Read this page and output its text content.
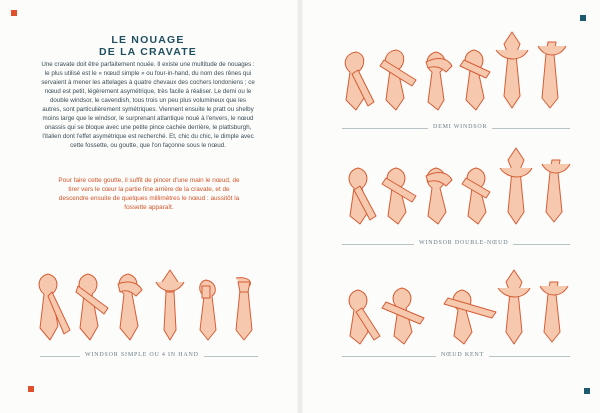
LE NOUAGE
DE LA CRAVATE

Une cravate doit être parfaitement nouée. Il existe une multitude de nouages : le plus utilisé est le « nœud simple » ou four-in-hand, du nom des rênes qui servaient à mener les attelages à quatre chevaux des cochers londoniens ; ce nœud est petit, légèrement asymétrique, très facile à réaliser. Le demi ou le double windsor, le cavendish, tous trois un peu plus volumineux que les autres, sont particulièrement symétriques. Viennent ensuite le pratt ou shelby moins large que le windsor, le surprenant atlantique noué à l'envers, le nœud onassis qui se bloque avec une petite pince cachée derrière, le plattsburgh, l'italien dont l'effet asymétrique est recherché. Et, chic du chic, le dimple avec cette fossette, ou goutte, que l'on façonne sous le nœud.

Pour faire cette goutte, il suffit de pincer d'une main le nœud, de tirer vers le cœur la partie fine arrière de la cravate, et de descendre ensuite de quelques millimètres le nœud : aussitôt la fossette apparaît.

WINDSOR SIMPLE OU 4 IN HAND
DEMI WINDSOR
WINDSOR DOUBLE-NŒUD
NŒUD KENT
